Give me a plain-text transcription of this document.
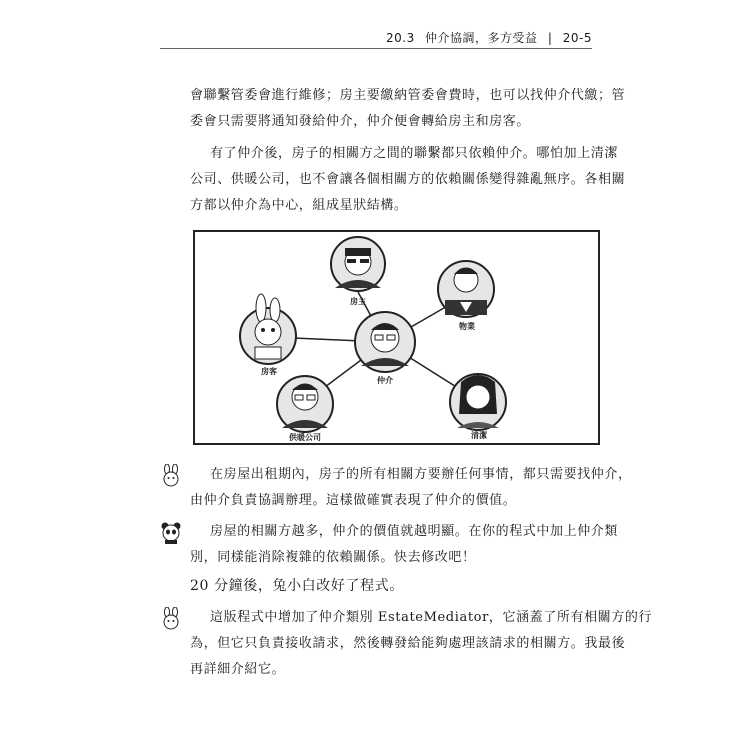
20.3 仲介協調，多方受益 | 20-5
會聯繫管委會進行維修；房主要繳納管委會費時，也可以找仲介代繳；管
委會只需要將通知發給仲介，仲介便會轉給房主和房客。
有了仲介後，房子的相關方之間的聯繫都只依賴仲介。哪怕加上清潔
公司、供暖公司，也不會讓各個相關方的依賴關係變得雜亂無序。各相關
方都以仲介為中心，組成星狀結構。
房主
物業
仲介
房客
供暖公司	清潔
在房屋出租期內，房子的所有相關方要辦任何事情，都只需要找仲介，
由仲介負責協調辦理。這樣做確實表現了仲介的價值。
房屋的相關方越多，仲介的價值就越明顯。在你的程式中加上仲介類
別，同樣能消除複雜的依賴關係。快去修改吧！
20 分鐘後，兔小白改好了程式。
這版程式中增加了仲介類別 EstateMediator，它涵蓋了所有相關方的行
為，但它只負責接收請求，然後轉發給能夠處理該請求的相關方。我最後
再詳細介紹它。
